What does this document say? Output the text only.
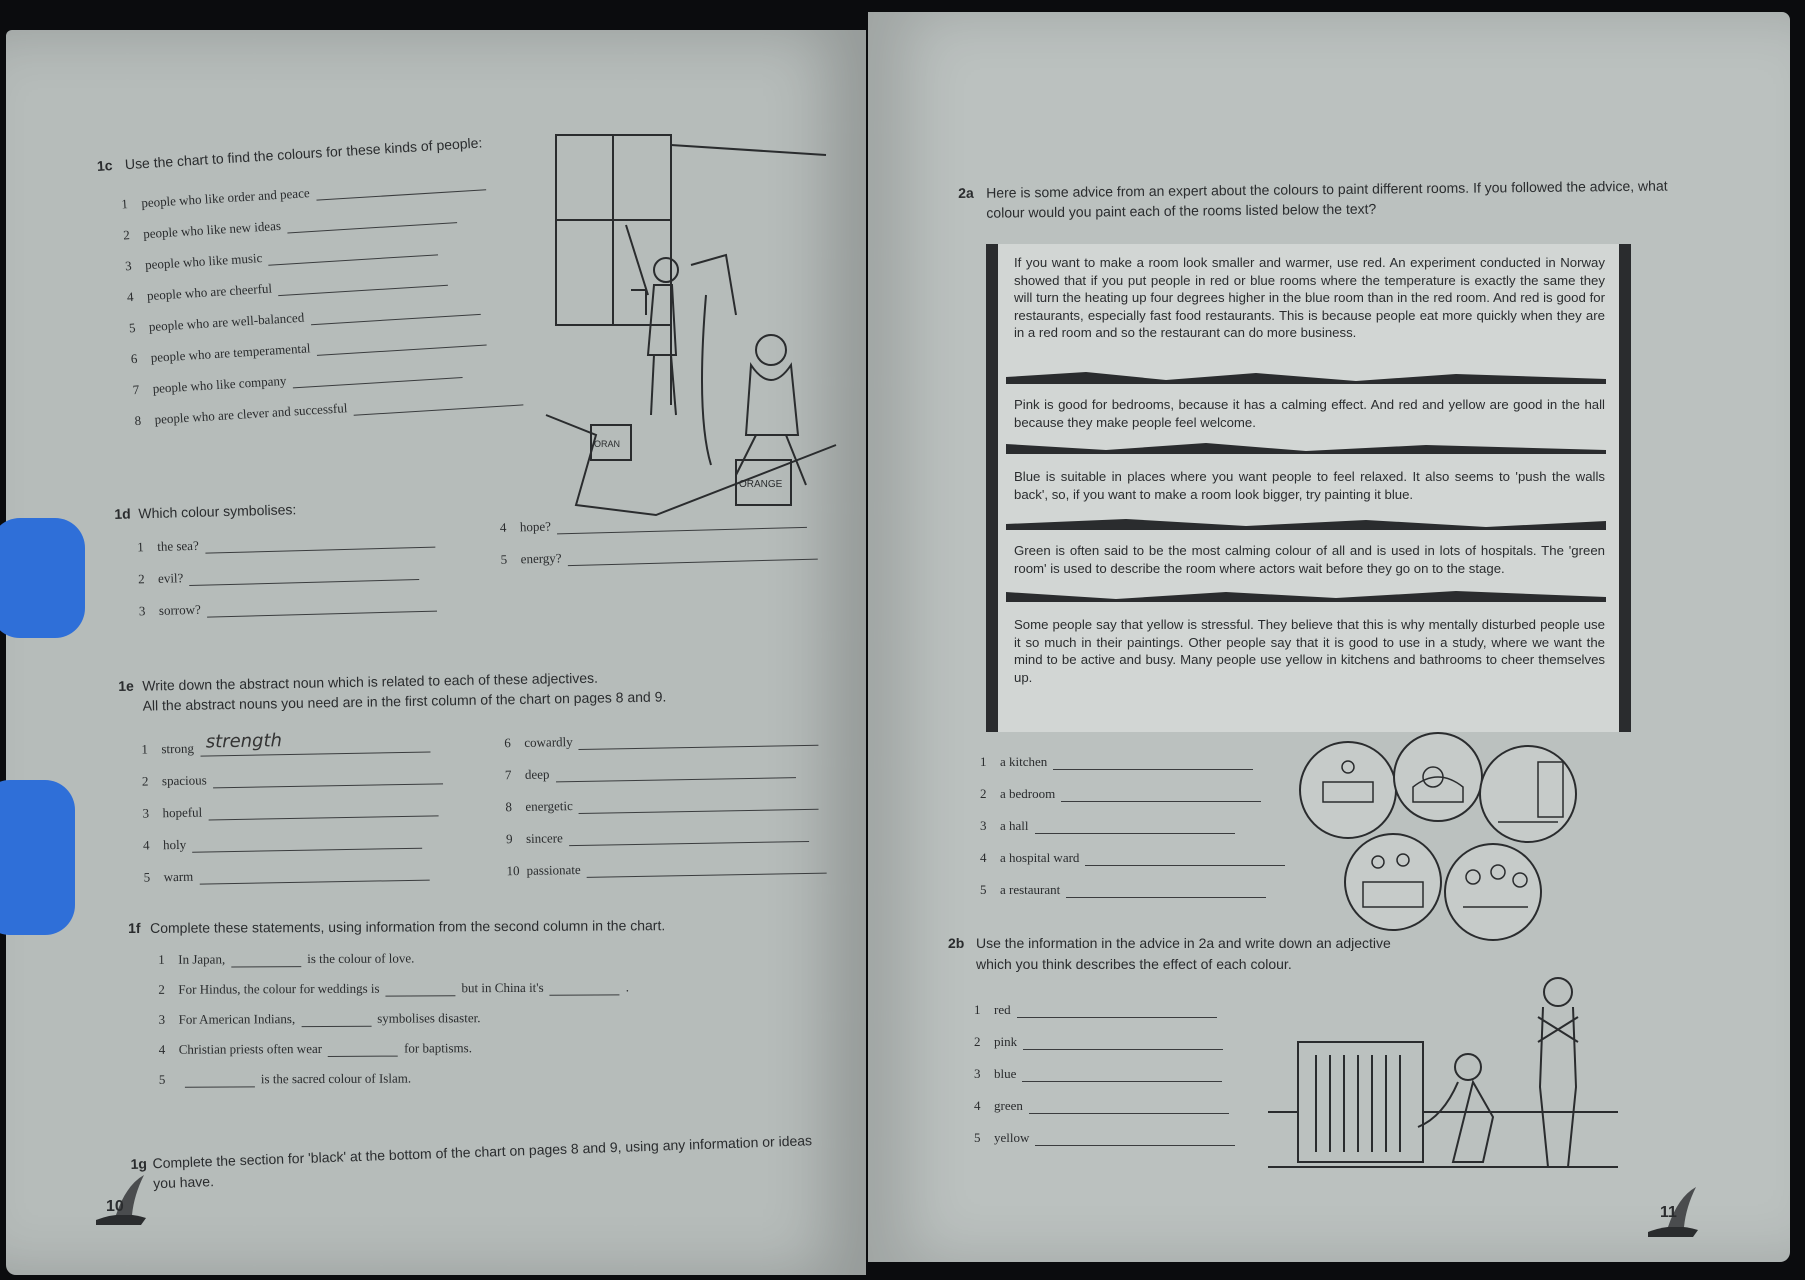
1c Use the chart to find the colours for these kinds of people:
1 people who like order and peace
2 people who like new ideas
3 people who like music
4 people who are cheerful
5 people who are well-balanced
6 people who are temperamental
7 people who like company
8 people who are clever and successful
ORAN
ORANGE
1d Which colour symbolises:
1	the sea?
2	evil?
3	sorrow?
4	hope?
5	energy?
1e Write down the abstract noun which is related to each of these adjectives.
All the abstract nouns you need are in the first column of the chart on pages 8 and 9.
1	strong strength
2	spacious
3	hopeful
4	holy
5	warm
6	cowardly
7	deep
8	energetic
9	sincere
10 passionate
1f Complete these statements, using information from the second column in the chart.
1	In Japan,	is the colour of love.
2	For Hindus, the colour for weddings is	but in China it's	.
3	For American Indians,	symbolises disaster.
4	Christian priests often wear	for baptisms.
5	is the sacred colour of Islam.
1g Complete the section for 'black' at the bottom of the chart on pages 8 and 9, using any information or ideas
you have.
10
2a Here is some advice from an expert about the colours to paint different rooms. If you followed the advice, what
colour would you paint each of the rooms listed below the text?
If you want to make a room look smaller and warmer, use red. An experiment conducted in Norway showed that if you put people in red or blue rooms where the temperature is exactly the same they will turn the heating up four degrees higher in the blue room than in the red room. And red is good for restaurants, especially fast food restaurants. This is because people eat more quickly when they are in a red room and so the restaurant can do more business.
Pink is good for bedrooms, because it has a calming effect. And red and yellow are good in the hall because they make people feel welcome.
Blue is suitable in places where you want people to feel relaxed. It also seems to 'push the walls back', so, if you want to make a room look bigger, try painting it blue.
Green is often said to be the most calming colour of all and is used in lots of hospitals. The 'green room' is used to describe the room where actors wait before they go on to the stage.
Some people say that yellow is stressful. They believe that this is why mentally disturbed people use it so much in their paintings. Other people say that it is good to use in a study, where we want the mind to be active and busy. Many people use yellow in kitchens and bathrooms to cheer themselves up.
1	a kitchen
2	a bedroom
3	a hall
4	a hospital ward
5	a restaurant
2b Use the information in the advice in 2a and write down an adjective
which you think describes the effect of each colour.
1	red
2	pink
3	blue
4	green
5	yellow
11
